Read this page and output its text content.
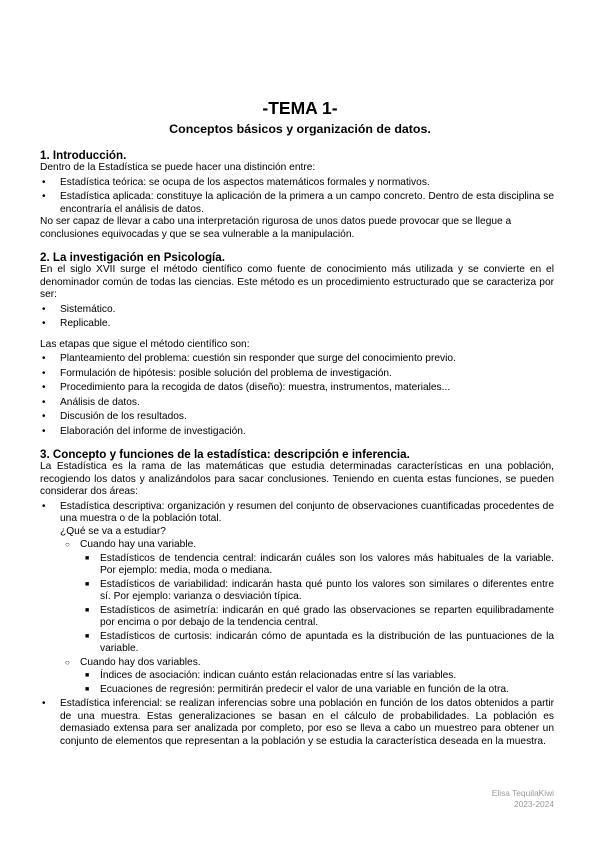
-TEMA 1-
Conceptos básicos y organización de datos.
1. Introducción.

Dentro de la Estadística se puede hacer una distinción entre:

• Estadística teórica: se ocupa de los aspectos matemáticos formales y normativos.
• Estadística aplicada: constituye la aplicación de la primera a un campo concreto. Dentro de esta disciplina se encontraría el análisis de datos.

No ser capaz de llevar a cabo una interpretación rigurosa de unos datos puede provocar que se llegue a conclusiones equivocadas y que se sea vulnerable a la manipulación.

2. La investigación en Psicología.

En el siglo XVII surge el método científico como fuente de conocimiento más utilizada y se convierte en el denominador común de todas las ciencias. Este método es un procedimiento estructurado que se caracteriza por ser:

• Sistemático.
• Replicable.

Las etapas que sigue el método científico son:

• Planteamiento del problema: cuestión sin responder que surge del conocimiento previo.
• Formulación de hipótesis: posible solución del problema de investigación.
• Procedimiento para la recogida de datos (diseño): muestra, instrumentos, materiales...
• Análisis de datos.
• Discusión de los resultados.
• Elaboración del informe de investigación.
3. Concepto y funciones de la estadística: descripción e inferencia.

La Estadística es la rama de las matemáticas que estudia determinadas características en una población, recogiendo los datos y analizándolos para sacar conclusiones. Teniendo en cuenta estas funciones, se pueden considerar dos áreas:

• Estadística descriptiva: organización y resumen del conjunto de observaciones cuantificadas procedentes de una muestra o de la población total.
¿Qué se va a estudiar?
○ Cuando hay una variable.
■ Estadísticos de tendencia central: indicarán cuáles son los valores más habituales de la variable. Por ejemplo: media, moda o mediana.
■ Estadísticos de variabilidad: indicarán hasta qué punto los valores son similares o diferentes entre sí. Por ejemplo: varianza o desviación típica.
■ Estadísticos de asimetría: indicarán en qué grado las observaciones se reparten equilibradamente por encima o por debajo de la tendencia central.
■ Estadísticos de curtosis: indicarán cómo de apuntada es la distribución de las puntuaciones de la variable.
○ Cuando hay dos variables.
■ Índices de asociación: indican cuánto están relacionadas entre sí las variables.
■ Ecuaciones de regresión: permitirán predecir el valor de una variable en función de la otra.
• Estadística inferencial: se realizan inferencias sobre una población en función de los datos obtenidos a partir de una muestra. Estas generalizaciones se basan en el cálculo de probabilidades. La población es demasiado extensa para ser analizada por completo, por eso se lleva a cabo un muestreo para obtener un conjunto de elementos que representan a la población y se estudia la característica deseada en la muestra.
Elisa TequilaKiwi
2023-2024
